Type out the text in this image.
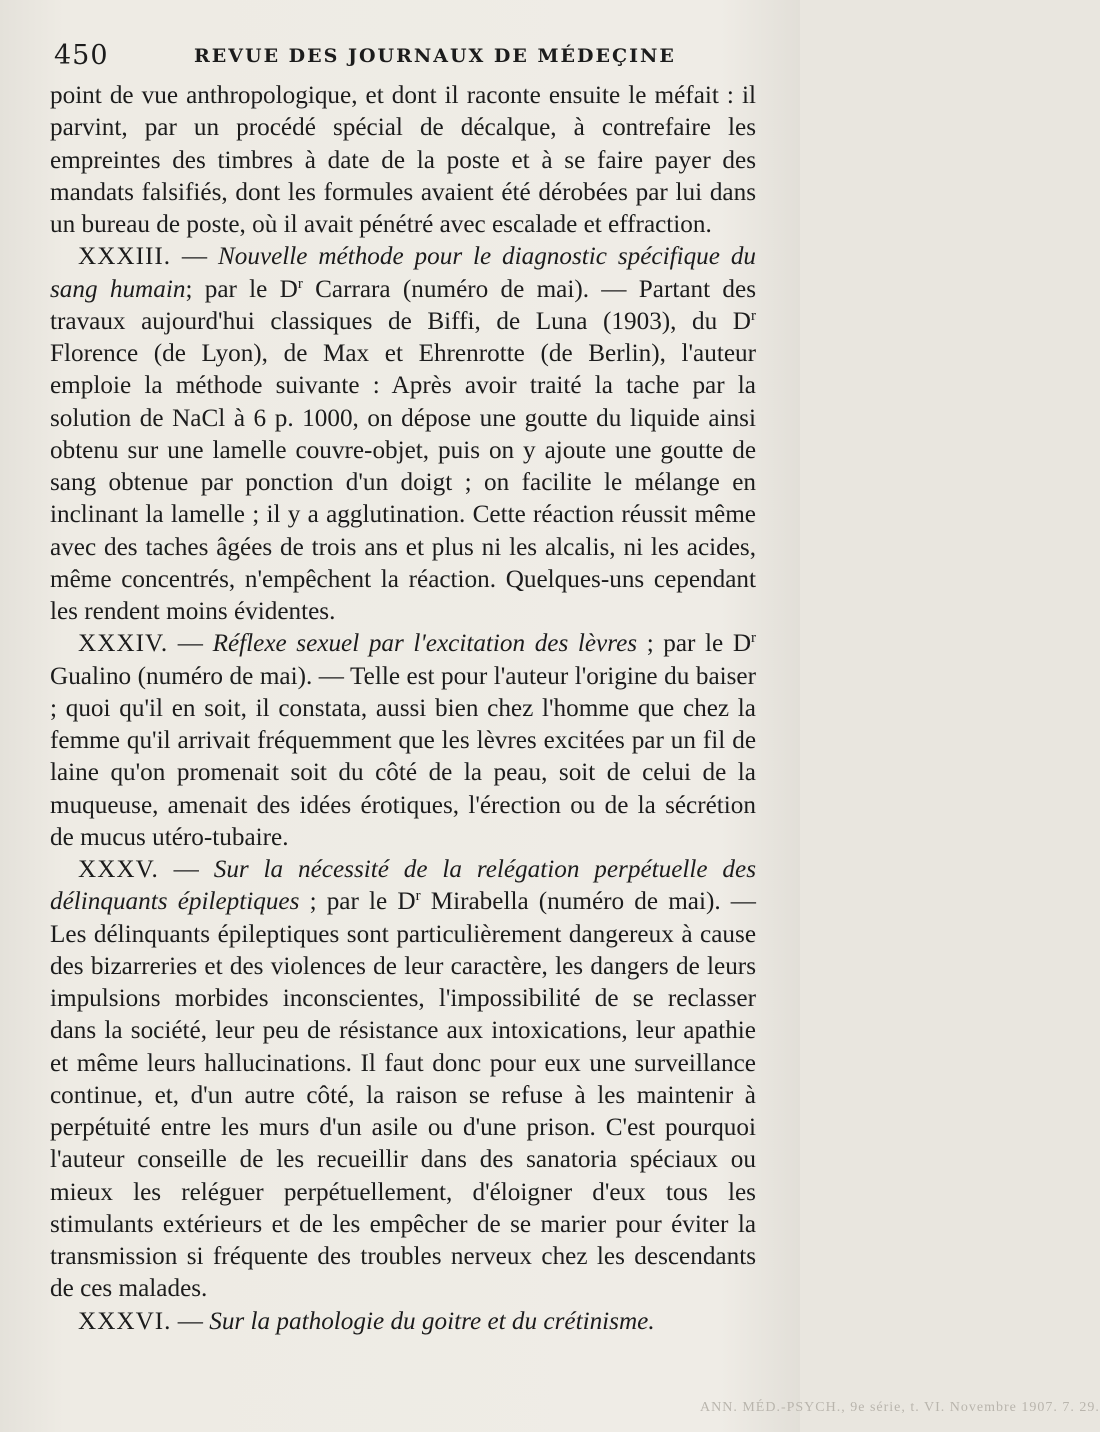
450	REVUE DES JOURNAUX DE MÉDEÇINE

point de vue anthropologique, et dont il raconte ensuite le méfait : il parvint, par un procédé spécial de décalque, à contrefaire les empreintes des timbres à date de la poste et à se faire payer des mandats falsifiés, dont les formules avaient été dérobées par lui dans un bureau de poste, où il avait pénétré avec escalade et effraction.

XXXIII. — Nouvelle méthode pour le diagnostic spécifique du sang humain; par le $D^r$ Carrara (numéro de mai). — Partant des travaux aujourd'hui classiques de Biffi, de Luna (1903), du $D^r$ Florence (de Lyon), de Max et Ehrenrotte (de Berlin), l'auteur emploie la méthode suivante : Après avoir traité la tache par la solution de NaCl à 6 p. 1000, on dépose une goutte du liquide ainsi obtenu sur une lamelle couvre-objet, puis on y ajoute une goutte de sang obtenue par ponction d'un doigt ; on facilite le mélange en inclinant la lamelle ; il y a agglutination. Cette réaction réussit même avec des taches âgées de trois ans et plus ni les alcalis, ni les acides, même concentrés, n'empêchent la réaction. Quelques-uns cependant les rendent moins évidentes.

XXXIV. — Réflexe sexuel par l'excitation des lèvres ; par le $D^r$ Gualino (numéro de mai). — Telle est pour l'auteur l'origine du baiser ; quoi qu'il en soit, il constata, aussi bien chez l'homme que chez la femme qu'il arrivait fréquemment que les lèvres excitées par un fil de laine qu'on promenait soit du côté de la peau, soit de celui de la muqueuse, amenait des idées érotiques, l'érection ou de la sécrétion de mucus utéro-tubaire.

XXXV. — Sur la nécessité de la relégation perpétuelle des délinquants épileptiques ; par le $D^r$ Mirabella (numéro de mai). — Les délinquants épileptiques sont particulièrement dangereux à cause des bizarreries et des violences de leur caractère, les dangers de leurs impulsions morbides inconscientes, l'impossibilité de se reclasser dans la société, leur peu de résistance aux intoxications, leur apathie et même leurs hallucinations. Il faut donc pour eux une surveillance continue, et, d'un autre côté, la raison se refuse à les maintenir à perpétuité entre les murs d'un asile ou d'une prison. C'est pourquoi l'auteur conseille de les recueillir dans des sanatoria spéciaux ou mieux les reléguer perpétuellement, d'éloigner d'eux tous les stimulants extérieurs et de les empêcher de se marier pour éviter la transmission si fréquente des troubles nerveux chez les descendants de ces malades.

XXXVI. — Sur la pathologie du goitre et du crétinisme.

ANN. MÉD.-PSYCH., 9e série, t. VI. Novembre 1907. 7. 29.
